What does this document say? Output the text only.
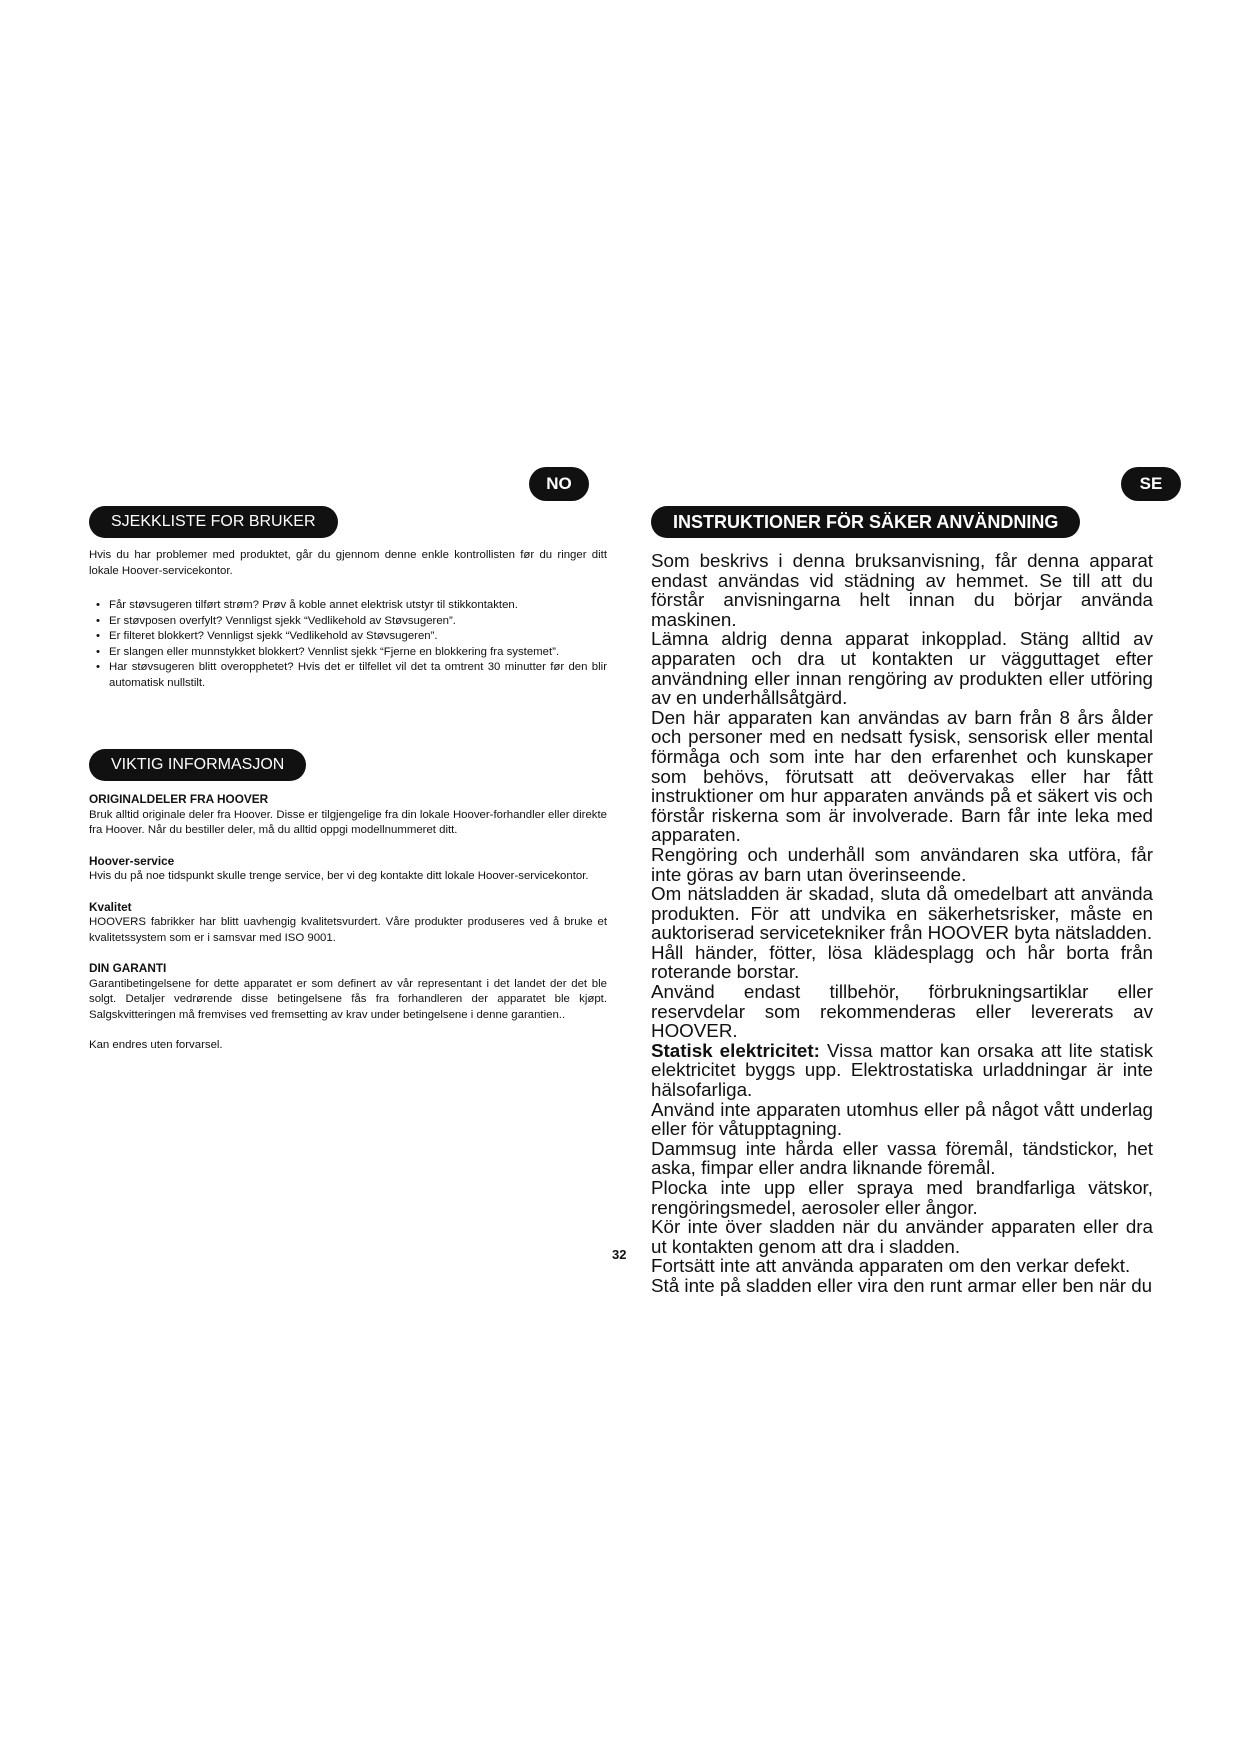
NO	SE
SJEKKLISTE FOR BRUKER

Hvis du har problemer med produktet, går du gjennom denne enkle kontrollisten før du ringer ditt lokale Hoover-servicekontor.

• Får støvsugeren tilført strøm? Prøv å koble annet elektrisk utstyr til stikkontakten.
• Er støvposen overfylt? Vennligst sjekk “Vedlikehold av Støvsugeren”.
• Er filteret blokkert? Vennligst sjekk “Vedlikehold av Støvsugeren”.
• Er slangen eller munnstykket blokkert? Vennlist sjekk “Fjerne en blokkering fra systemet”.
• Har støvsugeren blitt overopphetet? Hvis det er tilfellet vil det ta omtrent 30 minutter før den blir automatisk nullstilt.
VIKTIG INFORMASJON

ORIGINALDELER FRA HOOVER

Bruk alltid originale deler fra Hoover. Disse er tilgjengelige fra din lokale Hoover-forhandler eller direkte fra Hoover. Når du bestiller deler, må du alltid oppgi modellnummeret ditt.

Hoover-service

Hvis du på noe tidspunkt skulle trenge service, ber vi deg kontakte ditt lokale Hoover-servicekontor.

Kvalitet

HOOVERS fabrikker har blitt uavhengig kvalitetsvurdert. Våre produkter produseres ved å bruke et kvalitetssystem som er i samsvar med ISO 9001.

DIN GARANTI

Garantibetingelsene for dette apparatet er som definert av vår representant i det landet der det ble solgt. Detaljer vedrørende disse betingelsene fås fra forhandleren der apparatet ble kjøpt. Salgskvitteringen må fremvises ved fremsetting av krav under betingelsene i denne garantien..

Kan endres uten forvarsel.

INSTRUKTIONER FÖR SÄKER ANVÄNDNING

Som beskrivs i denna bruksanvisning, får denna apparat endast användas vid städning av hemmet. Se till att du förstår anvisningarna helt innan du börjar använda maskinen.

Lämna aldrig denna apparat inkopplad. Stäng alltid av apparaten och dra ut kontakten ur vägguttaget efter användning eller innan rengöring av produkten eller utföring av en underhållsåtgärd.

Den här apparaten kan användas av barn från 8 års ålder och personer med en nedsatt fysisk, sensorisk eller mental förmåga och som inte har den erfarenhet och kunskaper som behövs, förutsatt att deövervakas eller har fått instruktioner om hur apparaten används på et säkert vis och förstår riskerna som är involverade. Barn får inte leka med apparaten.

Rengöring och underhåll som användaren ska utföra, får inte göras av barn utan överinseende.

Om nätsladden är skadad, sluta då omedelbart att använda produkten. För att undvika en säkerhetsrisker, måste en auktoriserad servicetekniker från HOOVER byta nätsladden.

Håll händer, fötter, lösa klädesplagg och hår borta från roterande borstar.

Använd endast tillbehör, förbrukningsartiklar eller reservdelar som rekommenderas eller levererats av HOOVER.

Statisk elektricitet: Vissa mattor kan orsaka att lite statisk elektricitet byggs upp. Elektrostatiska urladdningar är inte hälsofarliga.

Använd inte apparaten utomhus eller på något vått underlag eller för våtupptagning.

Dammsug inte hårda eller vassa föremål, tändstickor, het aska, fimpar eller andra liknande föremål.

Plocka inte upp eller spraya med brandfarliga vätskor, rengöringsmedel, aerosoler eller ångor.

Kör inte över sladden när du använder apparaten eller dra ut kontakten genom att dra i sladden.

Fortsätt inte att använda apparaten om den verkar defekt.

Stå inte på sladden eller vira den runt armar eller ben när du

32
